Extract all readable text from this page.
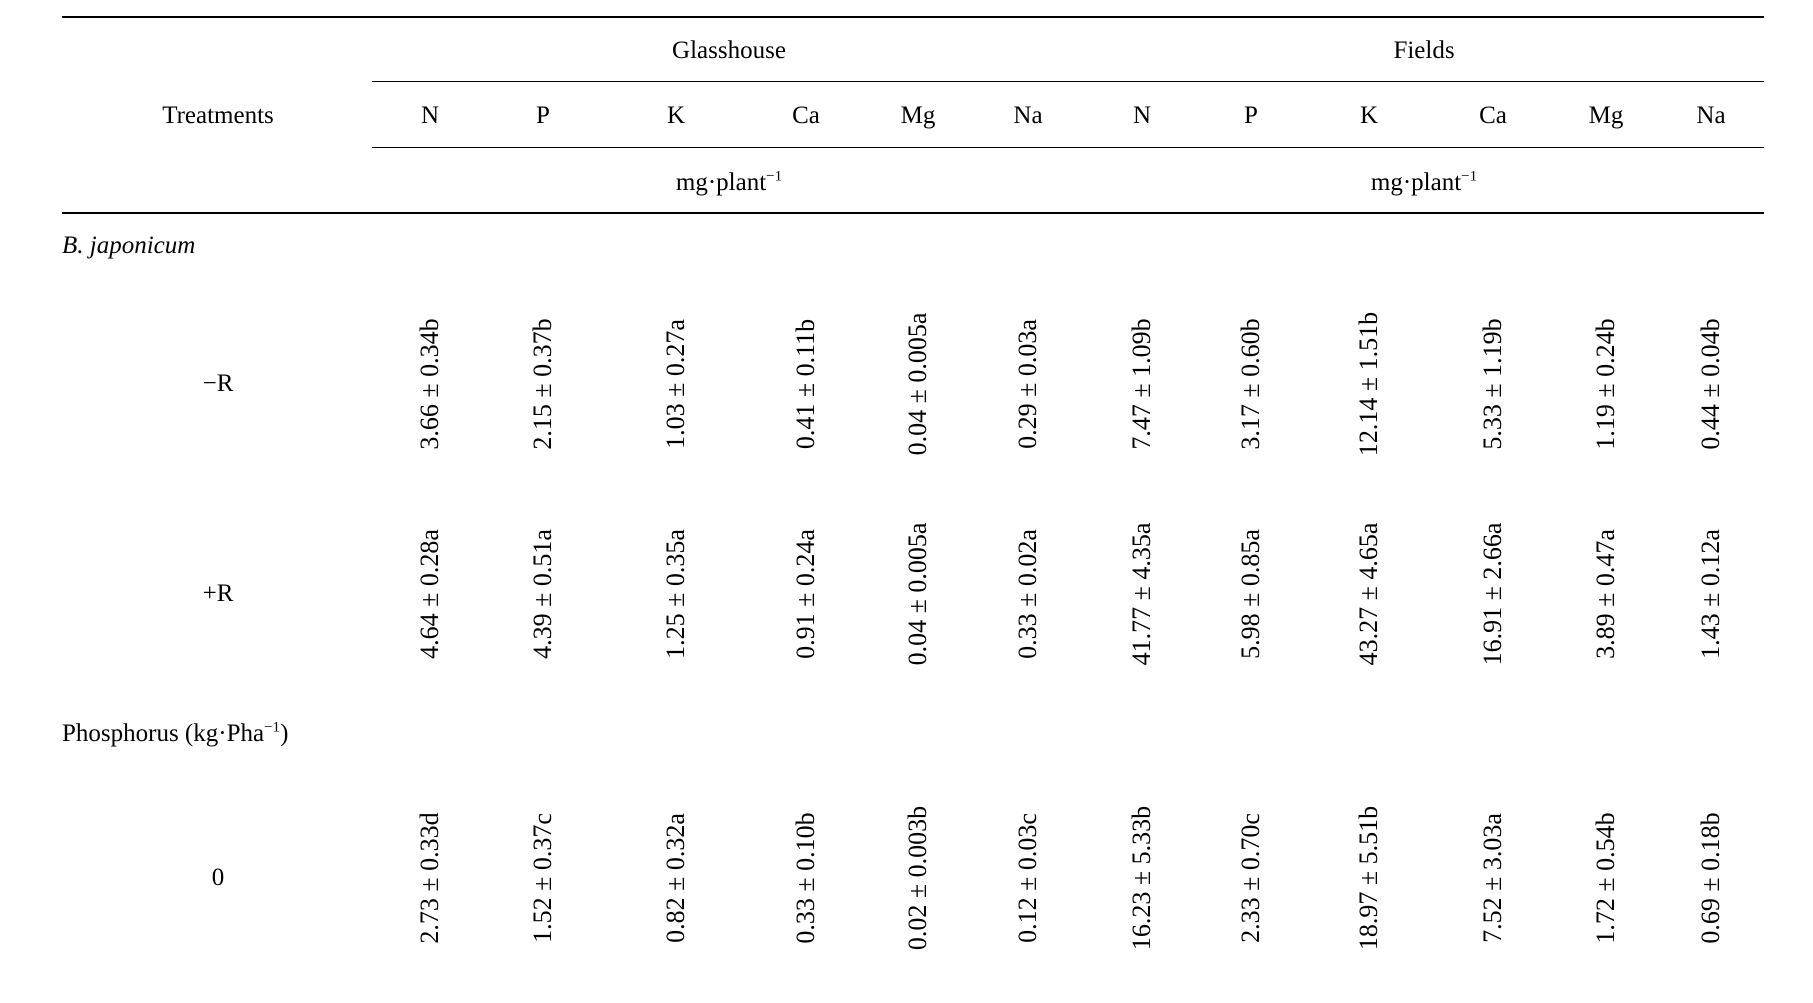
Treatments
Glasshouse	Fields
N	P	K	Ca	Mg	Na	N	P	K	Ca	Mg	Na
mg·plant$^{-1}$	mg·plant$^{-1}$
B. japonicum
Phosphorus (kg·Pha$^{-1}$)
−R	3.66 ± 0.34b	2.15 ± 0.37b	1.03 ± 0.27a	0.41 ± 0.11b	0.04 ± 0.005a	0.29 ± 0.03a	7.47 ± 1.09b	3.17 ± 0.60b	12.14 ± 1.51b	5.33 ± 1.19b	1.19 ± 0.24b	0.44 ± 0.04b
+R	4.64 ± 0.28a	4.39 ± 0.51a	1.25 ± 0.35a	0.91 ± 0.24a	0.04 ± 0.005a	0.33 ± 0.02a	41.77 ± 4.35a	5.98 ± 0.85a	43.27 ± 4.65a	16.91 ± 2.66a	3.89 ± 0.47a	1.43 ± 0.12a
0	2.73 ± 0.33d	1.52 ± 0.37c	0.82 ± 0.32a	0.33 ± 0.10b	0.02 ± 0.003b	0.12 ± 0.03c	16.23 ± 5.33b	2.33 ± 0.70c	18.97 ± 5.51b	7.52 ± 3.03a	1.72 ± 0.54b	0.69 ± 0.18b
